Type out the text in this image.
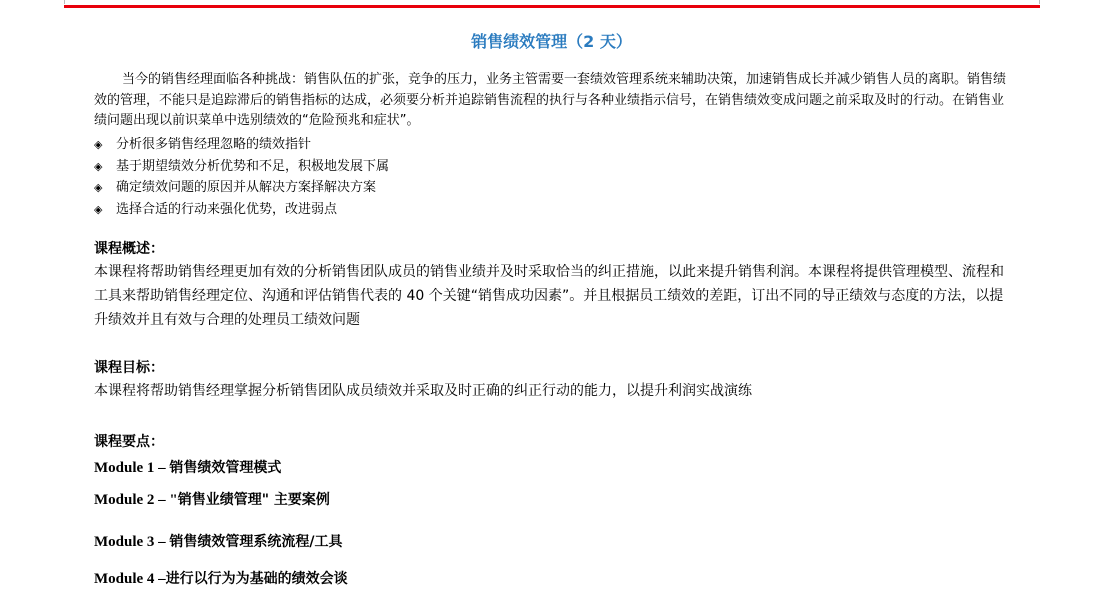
销售绩效管理（2 天）

当今的销售经理面临各种挑战：销售队伍的扩张，竞争的压力，业务主管需要一套绩效管理系统来辅助决策，加速销售成长并减少销售人员的离职。销售绩效的管理，不能只是追踪滞后的销售指标的达成，必须要分析并追踪销售流程的执行与各种业绩指示信号，在销售绩效变成问题之前采取及时的行动。在销售业绩问题出现以前识菜单中选别绩效的“危险预兆和症状”。

◈	分析很多销售经理忽略的绩效指针
◈	基于期望绩效分析优势和不足，积极地发展下属
◈	确定绩效问题的原因并从解决方案择解决方案
◈	选择合适的行动来强化优势，改进弱点
课程概述：

本课程将帮助销售经理更加有效的分析销售团队成员的销售业绩并及时采取恰当的纠正措施，以此来提升销售利润。本课程将提供管理模型、流程和工具来帮助销售经理定位、沟通和评估销售代表的 40 个关键“销售成功因素”。并且根据员工绩效的差距，订出不同的导正绩效与态度的方法，以提升绩效并且有效与合理的处理员工绩效问题

课程目标：

本课程将帮助销售经理掌握分析销售团队成员绩效并采取及时正确的纠正行动的能力，以提升利润实战演练

课程要点：
Module 1 – 销售绩效管理模式
Module 2 – "销售业绩管理" 主要案例
Module 3 – 销售绩效管理系统流程/工具
Module 4 –进行以行为为基础的绩效会谈
